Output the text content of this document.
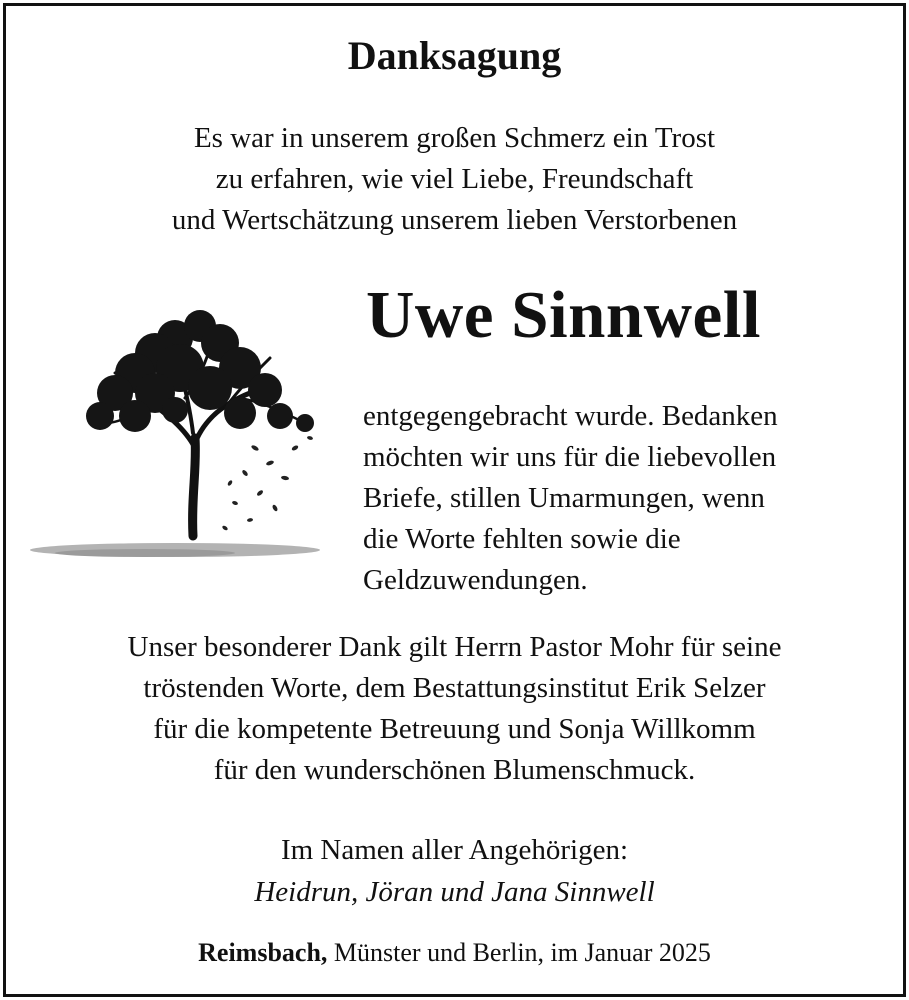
Danksagung
Es war in unserem großen Schmerz ein Trost
zu erfahren, wie viel Liebe, Freundschaft
und Wertschätzung unserem lieben Verstorbenen
Uwe Sinnwell
entgegengebracht wurde. Bedanken
möchten wir uns für die liebevollen
Briefe, stillen Umarmungen, wenn
die Worte fehlten sowie die
Geldzuwendungen.
Unser besonderer Dank gilt Herrn Pastor Mohr für seine
tröstenden Worte, dem Bestattungsinstitut Erik Selzer
für die kompetente Betreuung und Sonja Willkomm
für den wunderschönen Blumenschmuck.
Im Namen aller Angehörigen:
Heidrun, Jöran und Jana Sinnwell
Reimsbach, Münster und Berlin, im Januar 2025
